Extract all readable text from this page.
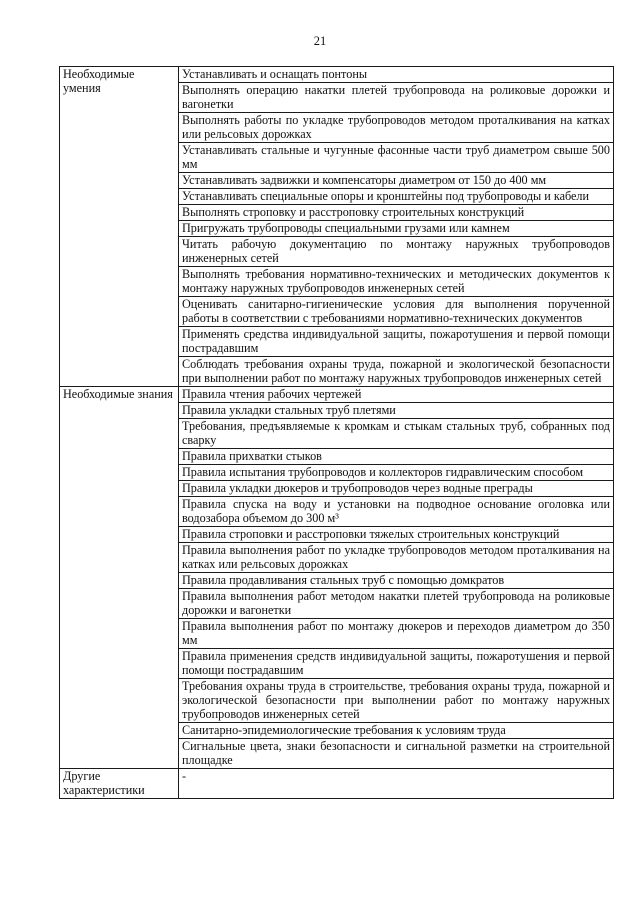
21
Необходимые умения	Устанавливать и оснащать понтоны
	Выполнять операцию накатки плетей трубопровода на роликовые дорожки и вагонетки
	Выполнять работы по укладке трубопроводов методом проталкивания на катках или рельсовых дорожках
	Устанавливать стальные и чугунные фасонные части труб диаметром свыше 500 мм
	Устанавливать задвижки и компенсаторы диаметром от 150 до 400 мм
	Устанавливать специальные опоры и кронштейны под трубопроводы и кабели
	Выполнять строповку и расстроповку строительных конструкций
	Пригружать трубопроводы специальными грузами или камнем
	Читать рабочую документацию по монтажу наружных трубопроводов инженерных сетей
	Выполнять требования нормативно-технических и методических документов к монтажу наружных трубопроводов инженерных сетей
	Оценивать санитарно-гигиенические условия для выполнения порученной работы в соответствии с требованиями нормативно-технических документов
	Применять средства индивидуальной защиты, пожаротушения и первой помощи пострадавшим
	Соблюдать требования охраны труда, пожарной и экологической безопасности при выполнении работ по монтажу наружных трубопроводов инженерных сетей
Необходимые знания	Правила чтения рабочих чертежей
	Правила укладки стальных труб плетями
	Требования, предъявляемые к кромкам и стыкам стальных труб, собранных под сварку
	Правила прихватки стыков
	Правила испытания трубопроводов и коллекторов гидравлическим способом
	Правила укладки дюкеров и трубопроводов через водные преграды
	Правила спуска на воду и установки на подводное основание оголовка или водозабора объемом до 300 м³
	Правила строповки и расстроповки тяжелых строительных конструкций
	Правила выполнения работ по укладке трубопроводов методом проталкивания на катках или рельсовых дорожках
	Правила продавливания стальных труб с помощью домкратов
	Правила выполнения работ методом накатки плетей трубопровода на роликовые дорожки и вагонетки
	Правила выполнения работ по монтажу дюкеров и переходов диаметром до 350 мм
	Правила применения средств индивидуальной защиты, пожаротушения и первой помощи пострадавшим
	Требования охраны труда в строительстве, требования охраны труда, пожарной и экологической безопасности при выполнении работ по монтажу наружных трубопроводов инженерных сетей
	Санитарно-эпидемиологические требования к условиям труда
	Сигнальные цвета, знаки безопасности и сигнальной разметки на строительной площадке
Другие характеристики	-
